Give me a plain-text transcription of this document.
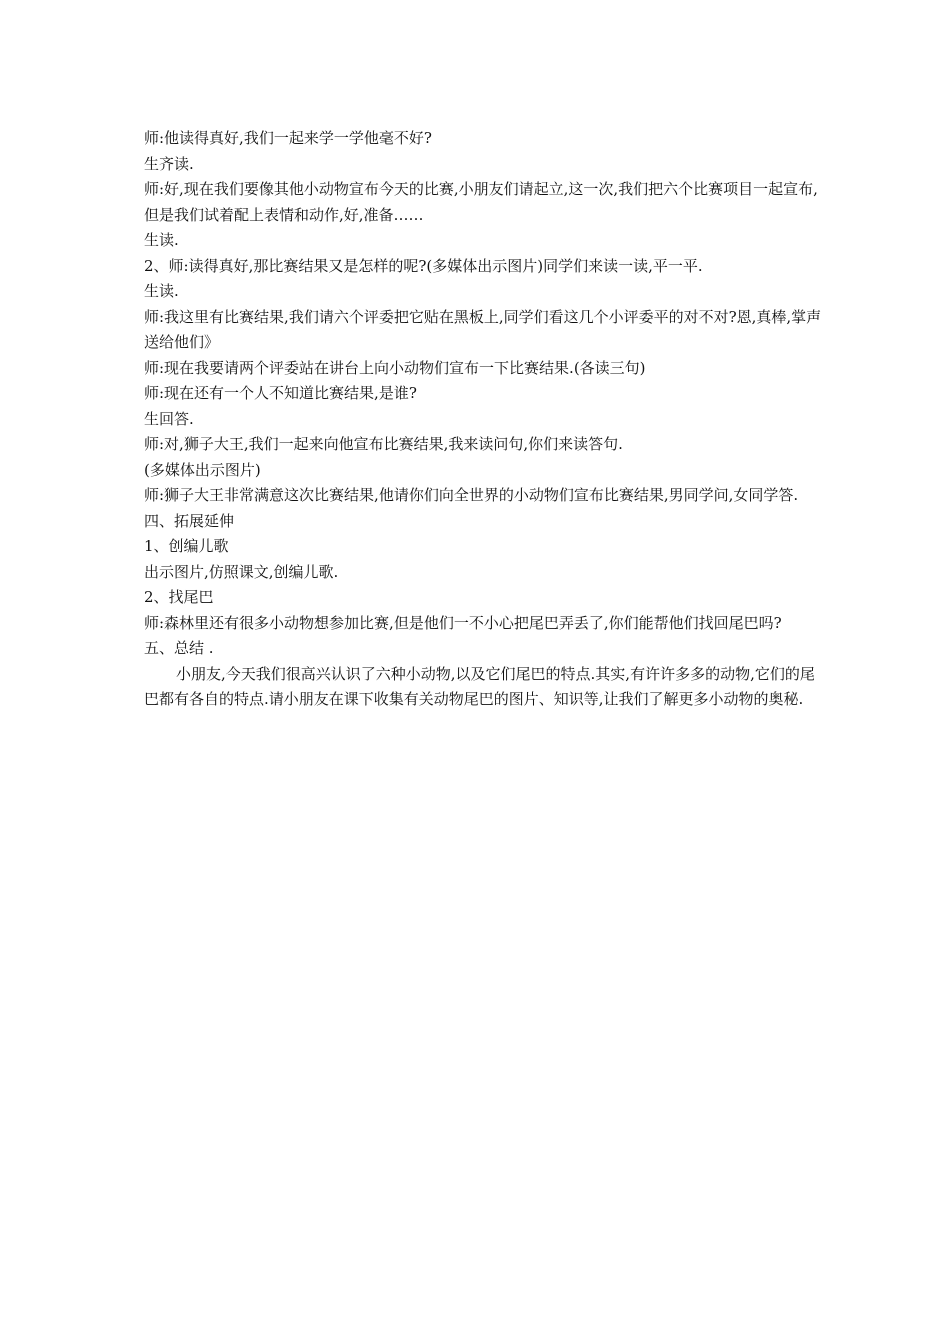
师:他读得真好,我们一起来学一学他毫不好?

生齐读.

师:好,现在我们要像其他小动物宣布今天的比赛,小朋友们请起立,这一次,我们把六个比赛项目一起宣布,但是我们试着配上表情和动作,好,准备……

生读.

2、师:读得真好,那比赛结果又是怎样的呢?(多媒体出示图片)同学们来读一读,平一平.

生读.

师:我这里有比赛结果,我们请六个评委把它贴在黑板上,同学们看这几个小评委平的对不对?恩,真棒,掌声送给他们》

师:现在我要请两个评委站在讲台上向小动物们宣布一下比赛结果.(各读三句)

师:现在还有一个人不知道比赛结果,是谁?

生回答.

师:对,狮子大王,我们一起来向他宣布比赛结果,我来读问句,你们来读答句.

(多媒体出示图片)

师:狮子大王非常满意这次比赛结果,他请你们向全世界的小动物们宣布比赛结果,男同学问,女同学答.

四、拓展延伸

1、创编儿歌

出示图片,仿照课文,创编儿歌.

2、找尾巴

师:森林里还有很多小动物想参加比赛,但是他们一不小心把尾巴弄丢了,你们能帮他们找回尾巴吗?

五、总结 .

小朋友,今天我们很高兴认识了六种小动物,以及它们尾巴的特点.其实,有许许多多的动物,它们的尾巴都有各自的特点.请小朋友在课下收集有关动物尾巴的图片、知识等,让我们了解更多小动物的奥秘.
